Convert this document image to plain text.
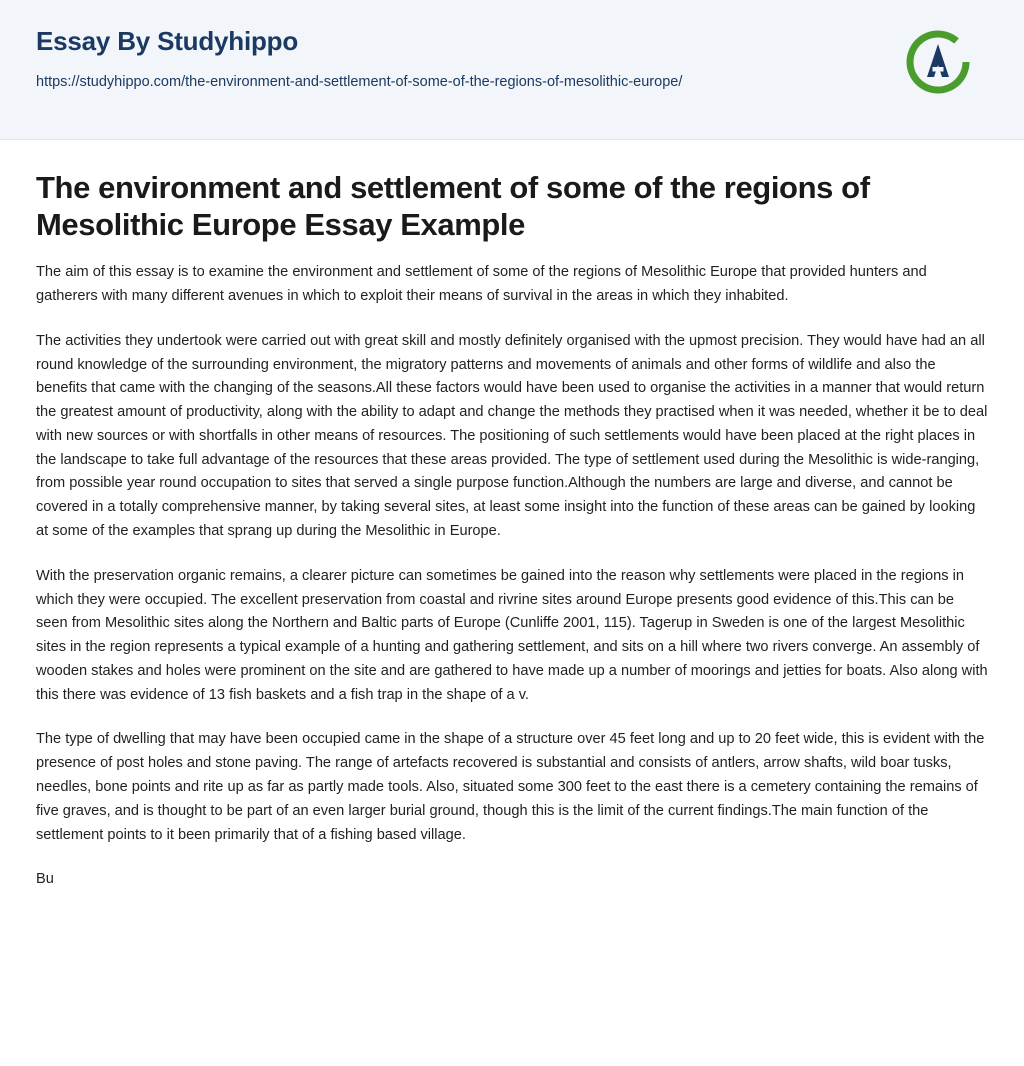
Essay By Studyhippo
https://studyhippo.com/the-environment-and-settlement-of-some-of-the-regions-of-mesolithic-europe/
The environment and settlement of some of the regions of Mesolithic Europe Essay Example

The aim of this essay is to examine the environment and settlement of some of the regions of Mesolithic Europe that provided hunters and gatherers with many different avenues in which to exploit their means of survival in the areas in which they inhabited.

The activities they undertook were carried out with great skill and mostly definitely organised with the upmost precision. They would have had an all round knowledge of the surrounding environment, the migratory patterns and movements of animals and other forms of wildlife and also the benefits that came with the changing of the seasons.All these factors would have been used to organise the activities in a manner that would return the greatest amount of productivity, along with the ability to adapt and change the methods they practised when it was needed, whether it be to deal with new sources or with shortfalls in other means of resources. The positioning of such settlements would have been placed at the right places in the landscape to take full advantage of the resources that these areas provided. The type of settlement used during the Mesolithic is wide-ranging, from possible year round occupation to sites that served a single purpose function.Although the numbers are large and diverse, and cannot be covered in a totally comprehensive manner, by taking several sites, at least some insight into the function of these areas can be gained by looking at some of the examples that sprang up during the Mesolithic in Europe.

With the preservation organic remains, a clearer picture can sometimes be gained into the reason why settlements were placed in the regions in which they were occupied. The excellent preservation from coastal and rivrine sites around Europe presents good evidence of this.This can be seen from Mesolithic sites along the Northern and Baltic parts of Europe (Cunliffe 2001, 115). Tagerup in Sweden is one of the largest Mesolithic sites in the region represents a typical example of a hunting and gathering settlement, and sits on a hill where two rivers converge. An assembly of wooden stakes and holes were prominent on the site and are gathered to have made up a number of moorings and jetties for boats. Also along with this there was evidence of 13 fish baskets and a fish trap in the shape of a v.

The type of dwelling that may have been occupied came in the shape of a structure over 45 feet long and up to 20 feet wide, this is evident with the presence of post holes and stone paving. The range of artefacts recovered is substantial and consists of antlers, arrow shafts, wild boar tusks, needles, bone points and rite up as far as partly made tools. Also, situated some 300 feet to the east there is a cemetery containing the remains of five graves, and is thought to be part of an even larger burial ground, though this is the limit of the current findings.The main function of the settlement points to it been primarily that of a fishing based village.

Bu
